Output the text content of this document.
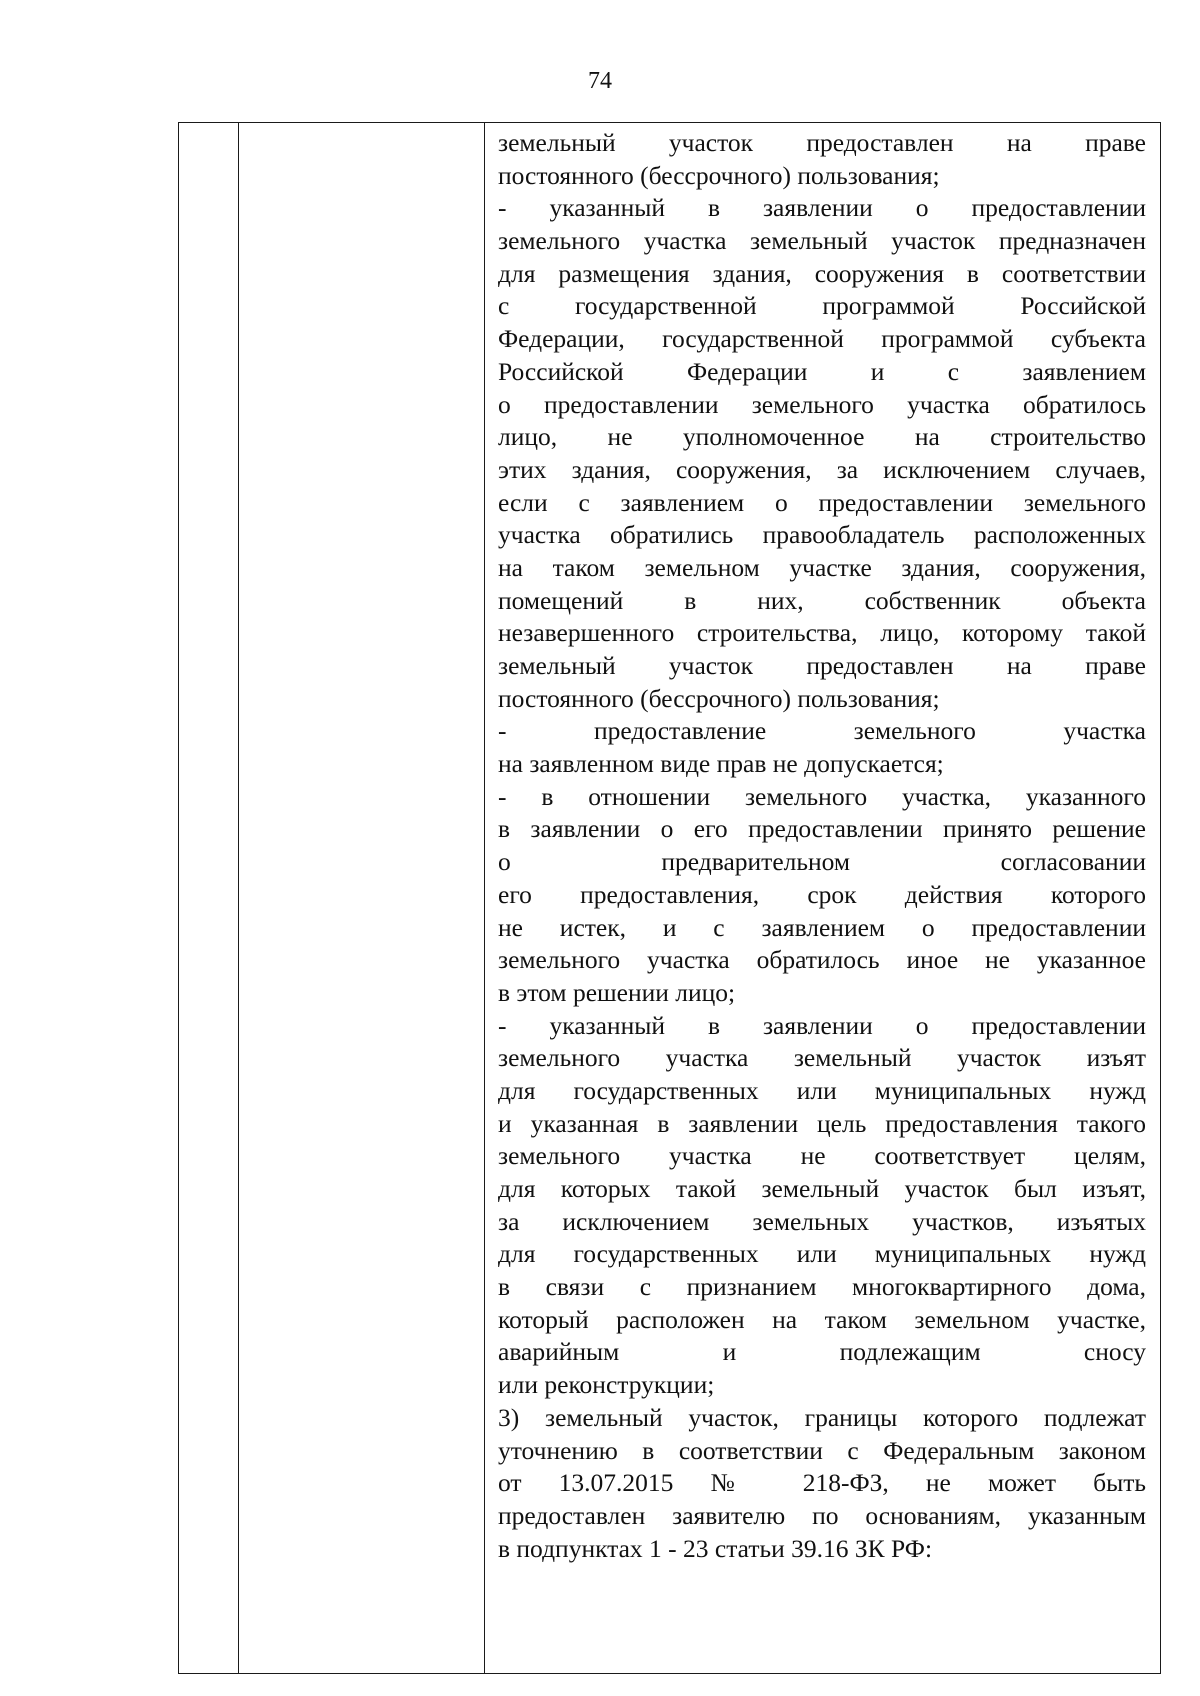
74
земельный участок предоставлен на праве
постоянного (бессрочного) пользования;
- указанный в заявлении о предоставлении
земельного участка земельный участок предназначен
для размещения здания, сооружения в соответствии
с государственной программой Российской
Федерации, государственной программой субъекта
Российской Федерации и с заявлением
о предоставлении земельного участка обратилось
лицо, не уполномоченное на строительство
этих здания, сооружения, за исключением случаев,
если с заявлением о предоставлении земельного
участка обратились правообладатель расположенных
на таком земельном участке здания, сооружения,
помещений в них, собственник объекта
незавершенного строительства, лицо, которому такой
земельный участок предоставлен на праве
постоянного (бессрочного) пользования;
- предоставление земельного участка
на заявленном виде прав не допускается;
- в отношении земельного участка, указанного
в заявлении о его предоставлении принято решение
о предварительном согласовании
его предоставления, срок действия которого
не истек, и с заявлением о предоставлении
земельного участка обратилось иное не указанное
в этом решении лицо;
- указанный в заявлении о предоставлении
земельного участка земельный участок изъят
для государственных или муниципальных нужд
и указанная в заявлении цель предоставления такого
земельного участка не соответствует целям,
для которых такой земельный участок был изъят,
за исключением земельных участков, изъятых
для государственных или муниципальных нужд
в связи с признанием многоквартирного дома,
который расположен на таком земельном участке,
аварийным и подлежащим сносу
или реконструкции;
3) земельный участок, границы которого подлежат
уточнению в соответствии с Федеральным законом
от 13.07.2015 № 218-ФЗ, не может быть
предоставлен заявителю по основаниям, указанным
в подпунктах 1 - 23 статьи 39.16 ЗК РФ:
